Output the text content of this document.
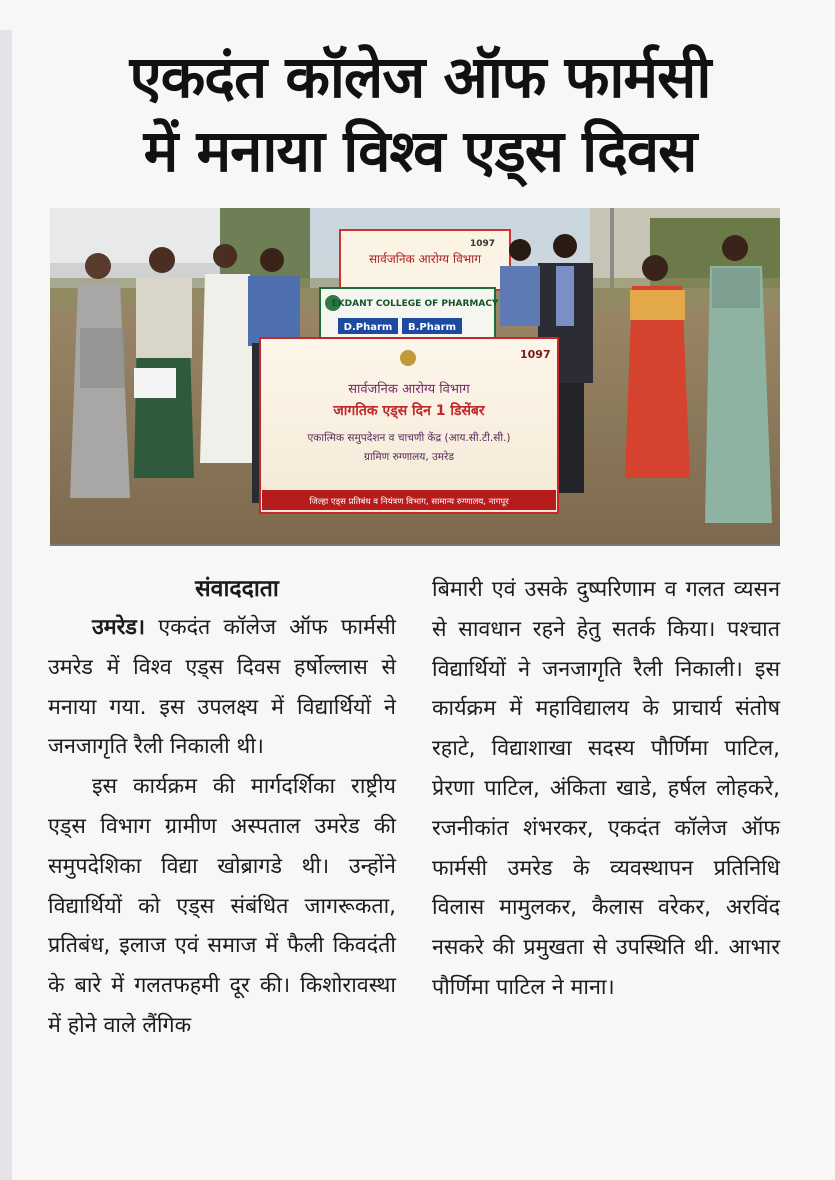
एकदंत कॉलेज ऑफ फार्मसी
में मनाया विश्व एड्स दिवस
सार्वजनिक आरोग्य विभाग
1097
EKDANT COLLEGE OF PHARMACY
D.Pharm B.Pharm
1097
सार्वजनिक आरोग्य विभाग
जागतिक एड्स दिन 1 डिसेंबर
एकात्मिक समुपदेशन व चाचणी केंद्र (आय.सी.टी.सी.)
ग्रामिण रुग्णालय, उमरेड
जिल्हा एड्स प्रतिबंध व नियंत्रण विभाग, सामान्य रुग्णालय, नागपूर

संवाददाता

उमरेड। एकदंत कॉलेज ऑफ फार्मसी उमरेड में विश्व एड्स दिवस हर्षोल्लास से मनाया गया. इस उपलक्ष्य में विद्यार्थियों ने जनजागृति रैली निकाली थी।

इस कार्यक्रम की मार्गदर्शिका राष्ट्रीय एड्स विभाग ग्रामीण अस्पताल उमरेड की समुपदेशिका विद्या खोब्रागडे थी। उन्होंने विद्यार्थियों को एड्स संबंधित जागरूकता, प्रतिबंध, इलाज एवं समाज में फैली किवदंती के बारे में गलतफहमी दूर की। किशोरावस्था में होने वाले लैंगिक

बिमारी एवं उसके दुष्परिणाम व गलत व्यसन से सावधान रहने हेतु सतर्क किया। पश्चात विद्यार्थियों ने जनजागृति रैली निकाली। इस कार्यक्रम में महाविद्यालय के प्राचार्य संतोष रहाटे, विद्याशाखा सदस्य पौर्णिमा पाटिल, प्रेरणा पाटिल, अंकिता खाडे, हर्षल लोहकरे, रजनीकांत शंभरकर, एकदंत कॉलेज ऑफ फार्मसी उमरेड के व्यवस्थापन प्रतिनिधि विलास मामुलकर, कैलास वरेकर, अरविंद नसकरे की प्रमुखता से उपस्थिति थी. आभार पौर्णिमा पाटिल ने माना।
